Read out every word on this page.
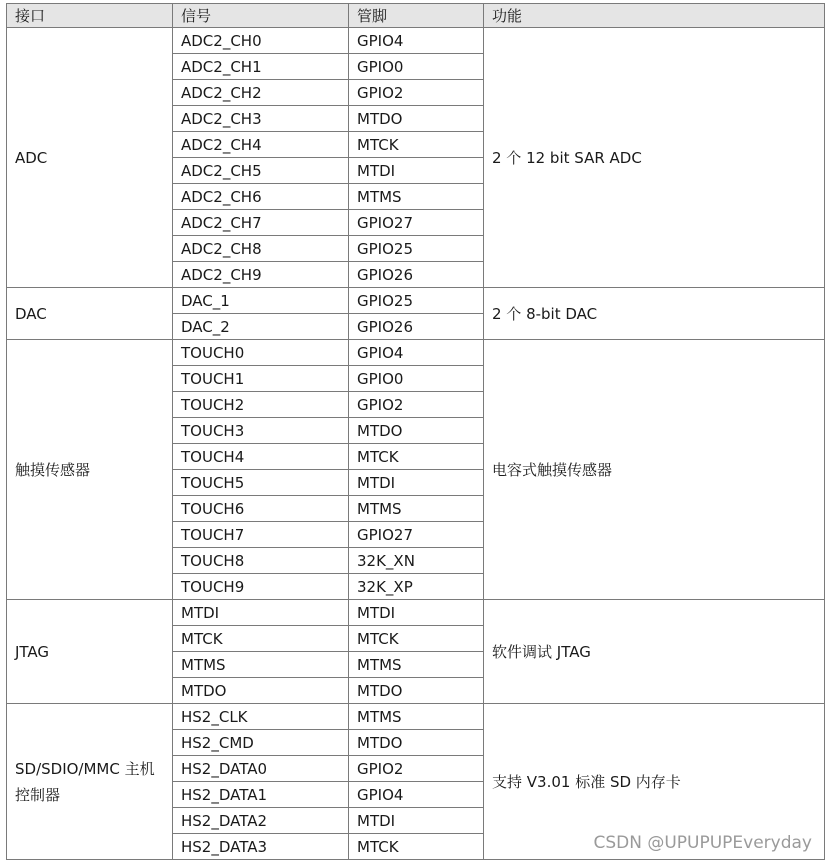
接口	信号	管脚	功能
ADC	ADC2_CH0	GPIO4	2 个 12 bit SAR ADC
	ADC2_CH1	GPIO0	
	ADC2_CH2	GPIO2	
	ADC2_CH3	MTDO	
	ADC2_CH4	MTCK	
	ADC2_CH5	MTDI	
	ADC2_CH6	MTMS	
	ADC2_CH7	GPIO27	
	ADC2_CH8	GPIO25	
	ADC2_CH9	GPIO26	
DAC	DAC_1	GPIO25	2 个 8-bit DAC
	DAC_2	GPIO26	
触摸传感器	TOUCH0	GPIO4	电容式触摸传感器
	TOUCH1	GPIO0	
	TOUCH2	GPIO2	
	TOUCH3	MTDO	
	TOUCH4	MTCK	
	TOUCH5	MTDI	
	TOUCH6	MTMS	
	TOUCH7	GPIO27	
	TOUCH8	32K_XN	
	TOUCH9	32K_XP	
JTAG	MTDI	MTDI	软件调试 JTAG
	MTCK	MTCK	
	MTMS	MTMS	
	MTDO	MTDO	
SD/SDIO/MMC 主机
控制器	HS2_CLK	MTMS	支持 V3.01 标准 SD 内存卡
	HS2_CMD	MTDO	
	HS2_DATA0	GPIO2	
	HS2_DATA1	GPIO4	
	HS2_DATA2	MTDI	
	HS2_DATA3	MTCK		CSDN @UPUPUPEveryday
